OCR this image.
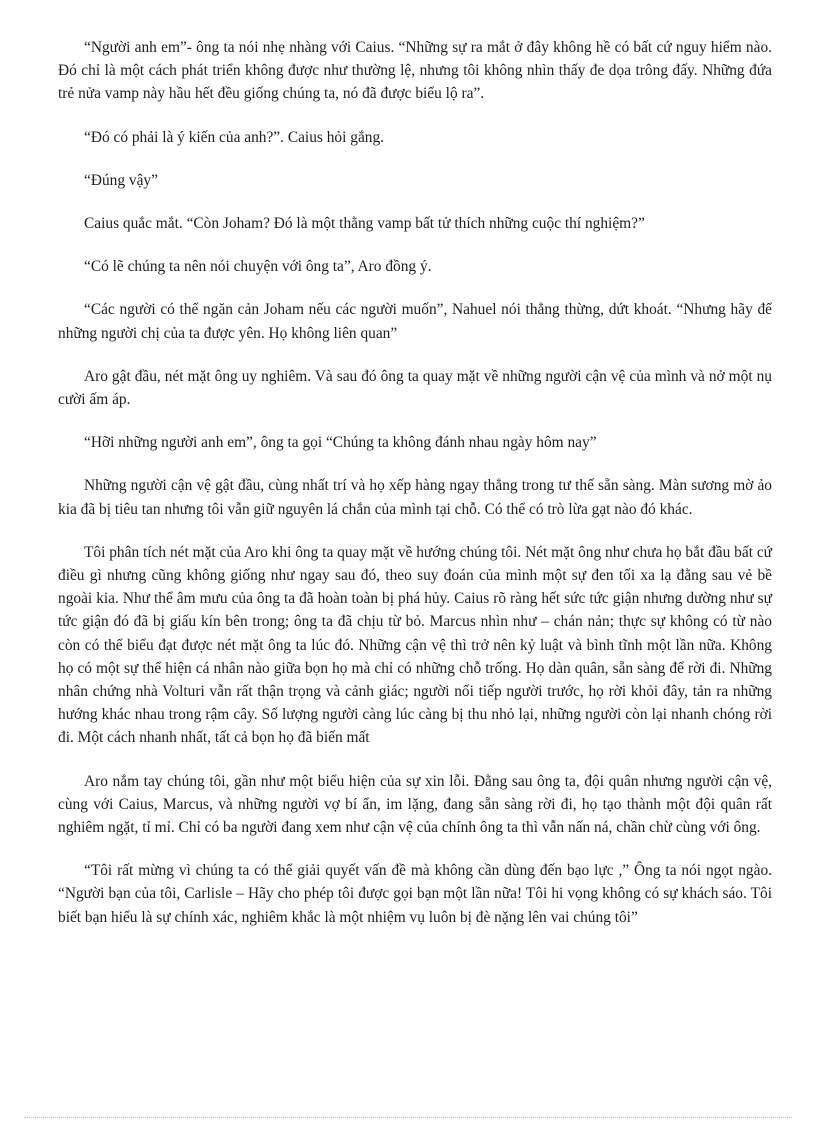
“Người anh em”- ông ta nói nhẹ nhàng với Caius. “Những sự ra mắt ở đây không hề có bất cứ nguy hiểm nào. Đó chỉ là một cách phát triển không được như thường lệ, nhưng tôi không nhìn thấy đe dọa trông đấy. Những đứa trẻ nửa vamp này hầu hết đều giống chúng ta, nó đã được biểu lộ ra”.

“Đó có phải là ý kiến của anh?”. Caius hỏi gắng.

“Đúng vậy”

Caius quắc mắt. “Còn Joham? Đó là một thằng vamp bất tử thích những cuộc thí nghiệm?”

“Có lẽ chúng ta nên nói chuyện với ông ta”, Aro đồng ý.

“Các người có thể ngăn cản Joham nếu các người muốn”, Nahuel nói thẳng thừng, dứt khoát. “Nhưng hãy để những người chị của ta được yên. Họ không liên quan”

Aro gật đầu, nét mặt ông uy nghiêm. Và sau đó ông ta quay mặt về những người cận vệ của mình và nở một nụ cười ấm áp.

“Hỡi những người anh em”, ông ta gọi “Chúng ta không đánh nhau ngày hôm nay”

Những người cận vệ gật đầu, cùng nhất trí và họ xếp hàng ngay thẳng trong tư thế sẵn sàng. Màn sương mờ ảo kia đã bị tiêu tan nhưng tôi vẫn giữ nguyên lá chắn của mình tại chỗ. Có thể có trò lừa gạt nào đó khác.

Tôi phân tích nét mặt của Aro khi ông ta quay mặt về hướng chúng tôi. Nét mặt ông như chưa họ bắt đầu bất cứ điều gì nhưng cũng không giống như ngay sau đó, theo suy đoán của mình một sự đen tối xa lạ đằng sau vẻ bề ngoài kia. Như thể âm mưu của ông ta đã hoàn toàn bị phá hủy. Caius rõ ràng hết sức tức giận nhưng dường như sự tức giận đó đã bị giấu kín bên trong; ông ta đã chịu từ bỏ. Marcus nhìn như – chán nản; thực sự không có từ nào còn có thể biểu đạt được nét mặt ông ta lúc đó. Những cận vệ thì trở nên kỷ luật và bình tĩnh một lần nữa. Không họ có một sự thể hiện cá nhân nào giữa bọn họ mà chỉ có những chỗ trống. Họ dàn quân, sẵn sàng để rời đi. Những nhân chứng nhà Volturi vẫn rất thận trọng và cảnh giác; người nối tiếp người trước, họ rời khỏi đây, tản ra những hướng khác nhau trong rậm cây. Số lượng người càng lúc càng bị thu nhỏ lại, những người còn lại nhanh chóng rời đi. Một cách nhanh nhất, tất cả bọn họ đã biến mất

Aro nắm tay chúng tôi, gần như một biểu hiện của sự xin lỗi. Đằng sau ông ta, đội quân nhưng người cận vệ, cùng với Caius, Marcus, và những người vợ bí ẩn, im lặng, đang sẵn sàng rời đi, họ tạo thành một đội quân rất nghiêm ngặt, tỉ mỉ. Chỉ có ba người đang xem như cận vệ của chính ông ta thì vẫn nấn ná, chần chừ cùng với ông.

“Tôi rất mừng vì chúng ta có thể giải quyết vấn đề mà không cần dùng đến bạo lực ,” Ông ta nói ngọt ngào. “Người bạn của tôi, Carlisle – Hãy cho phép tôi được gọi bạn một lần nữa! Tôi hi vọng không có sự khách sáo. Tôi biết bạn hiểu là sự chính xác, nghiêm khắc là một nhiệm vụ luôn bị đè nặng lên vai chúng tôi”
